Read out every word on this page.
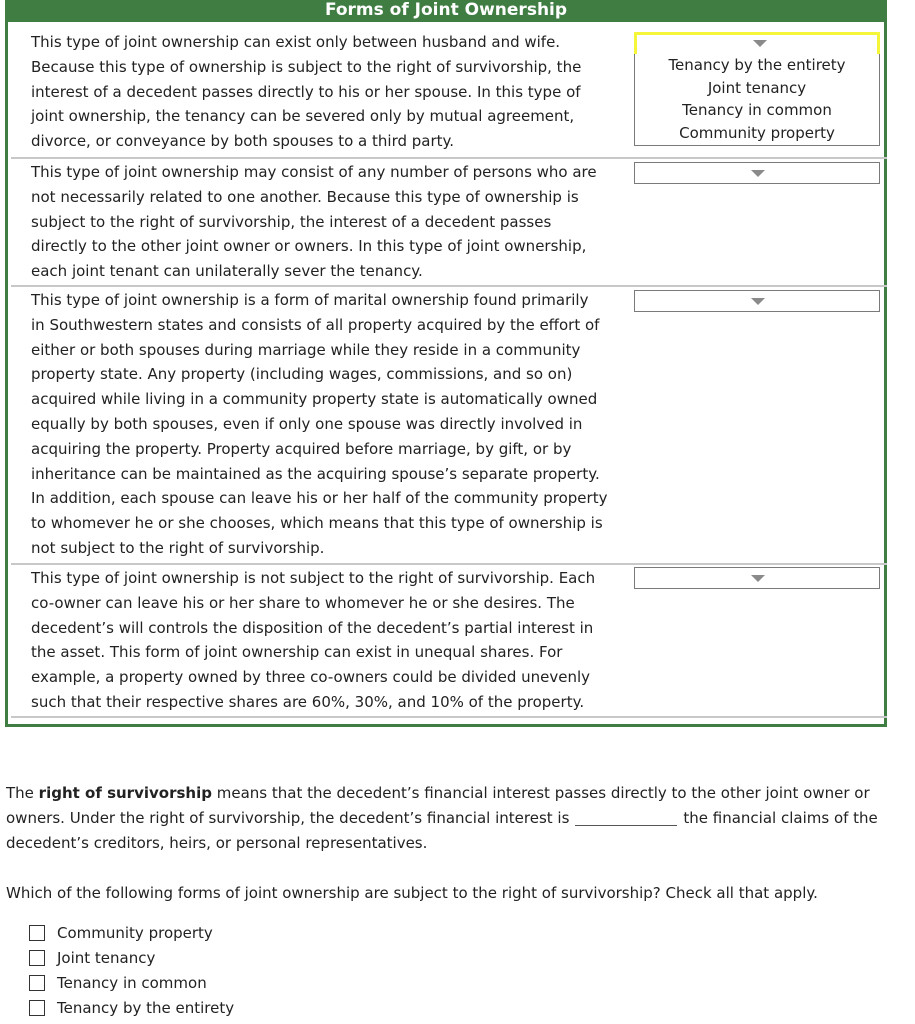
Forms of Joint Ownership
This type of joint ownership can exist only between husband and wife.
Because this type of ownership is subject to the right of survivorship, the
interest of a decedent passes directly to his or her spouse. In this type of
joint ownership, the tenancy can be severed only by mutual agreement,
divorce, or conveyance by both spouses to a third party.
Tenancy by the entirety
Joint tenancy
Tenancy in common
Community property
This type of joint ownership may consist of any number of persons who are
not necessarily related to one another. Because this type of ownership is
subject to the right of survivorship, the interest of a decedent passes
directly to the other joint owner or owners. In this type of joint ownership,
each joint tenant can unilaterally sever the tenancy.
This type of joint ownership is a form of marital ownership found primarily
in Southwestern states and consists of all property acquired by the effort of
either or both spouses during marriage while they reside in a community
property state. Any property (including wages, commissions, and so on)
acquired while living in a community property state is automatically owned
equally by both spouses, even if only one spouse was directly involved in
acquiring the property. Property acquired before marriage, by gift, or by
inheritance can be maintained as the acquiring spouse’s separate property.
In addition, each spouse can leave his or her half of the community property
to whomever he or she chooses, which means that this type of ownership is
not subject to the right of survivorship.
This type of joint ownership is not subject to the right of survivorship. Each
co-owner can leave his or her share to whomever he or she desires. The
decedent’s will controls the disposition of the decedent’s partial interest in
the asset. This form of joint ownership can exist in unequal shares. For
example, a property owned by three co-owners could be divided unevenly
such that their respective shares are 60%, 30%, and 10% of the property.
The right of survivorship means that the decedent’s financial interest passes directly to the other joint owner or owners. Under the right of survivorship, the decedent’s financial interest is	the financial claims of the decedent’s creditors, heirs, or personal representatives.
Which of the following forms of joint ownership are subject to the right of survivorship? Check all that apply.
Community property
Joint tenancy
Tenancy in common
Tenancy by the entirety
